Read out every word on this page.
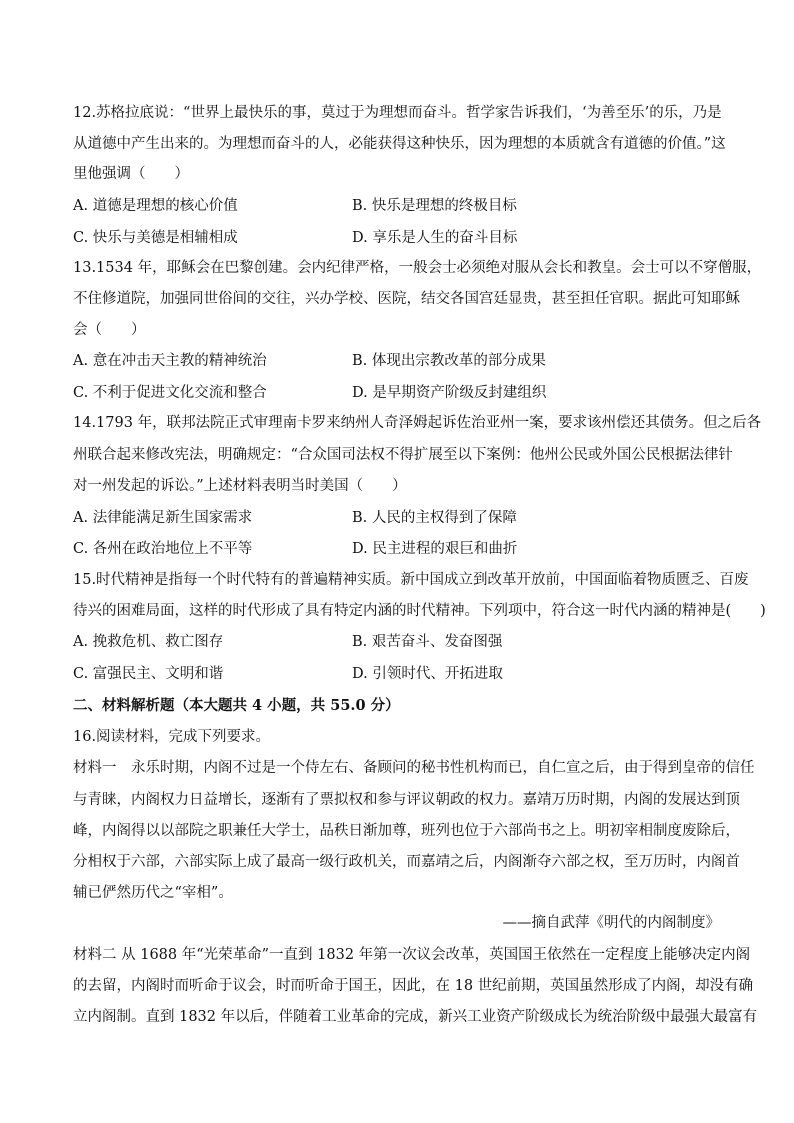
12.苏格拉底说：“世界上最快乐的事，莫过于为理想而奋斗。哲学家告诉我们，‘为善至乐’的乐，乃是
从道德中产生出来的。为理想而奋斗的人，必能获得这种快乐，因为理想的本质就含有道德的价值。”这
里他强调（　　）
A. 道德是理想的核心价值	B. 快乐是理想的终极目标
C. 快乐与美德是相辅相成	D. 享乐是人生的奋斗目标
13.1534 年，耶稣会在巴黎创建。会内纪律严格，一般会士必须绝对服从会长和教皇。会士可以不穿僧服，
不住修道院，加强同世俗间的交往，兴办学校、医院，结交各国宫廷显贵，甚至担任官职。据此可知耶稣
会（　　）
A. 意在冲击天主教的精神统治	B. 体现出宗教改革的部分成果
C. 不利于促进文化交流和整合	D. 是早期资产阶级反封建组织
14.1793 年，联邦法院正式审理南卡罗来纳州人奇泽姆起诉佐治亚州一案，要求该州偿还其债务。但之后各
州联合起来修改宪法，明确规定：“合众国司法权不得扩展至以下案例：他州公民或外国公民根据法律针
对一州发起的诉讼。”上述材料表明当时美国（　　）
A. 法律能满足新生国家需求	B. 人民的主权得到了保障
C. 各州在政治地位上不平等	D. 民主进程的艰巨和曲折
15.时代精神是指每一个时代特有的普遍精神实质。新中国成立到改革开放前，中国面临着物质匮乏、百废
待兴的困难局面，这样的时代形成了具有特定内涵的时代精神。下列项中，符合这一时代内涵的精神是(　　)
A. 挽救危机、救亡图存	B. 艰苦奋斗、发奋图强
C. 富强民主、文明和谐	D. 引领时代、开拓进取
二、材料解析题（本大题共 4 小题，共 55.0 分）
16.阅读材料，完成下列要求。
材料一　永乐时期，内阁不过是一个侍左右、备顾问的秘书性机构而已，自仁宣之后，由于得到皇帝的信任
与青睐，内阁权力日益增长，逐渐有了票拟权和参与评议朝政的权力。嘉靖万历时期，内阁的发展达到顶
峰，内阁得以以部院之职兼任大学士，品秩日渐加尊，班列也位于六部尚书之上。明初宰相制度废除后，
分相权于六部，六部实际上成了最高一级行政机关，而嘉靖之后，内阁渐夺六部之权，至万历时，内阁首
辅已俨然历代之“宰相”。
——摘自武萍《明代的内阁制度》
材料二 从 1688 年“光荣革命”一直到 1832 年第一次议会改革，英国国王依然在一定程度上能够决定内阁
的去留，内阁时而听命于议会，时而听命于国王，因此，在 18 世纪前期，英国虽然形成了内阁，却没有确
立内阁制。直到 1832 年以后，伴随着工业革命的完成，新兴工业资产阶级成长为统治阶级中最强大最富有
